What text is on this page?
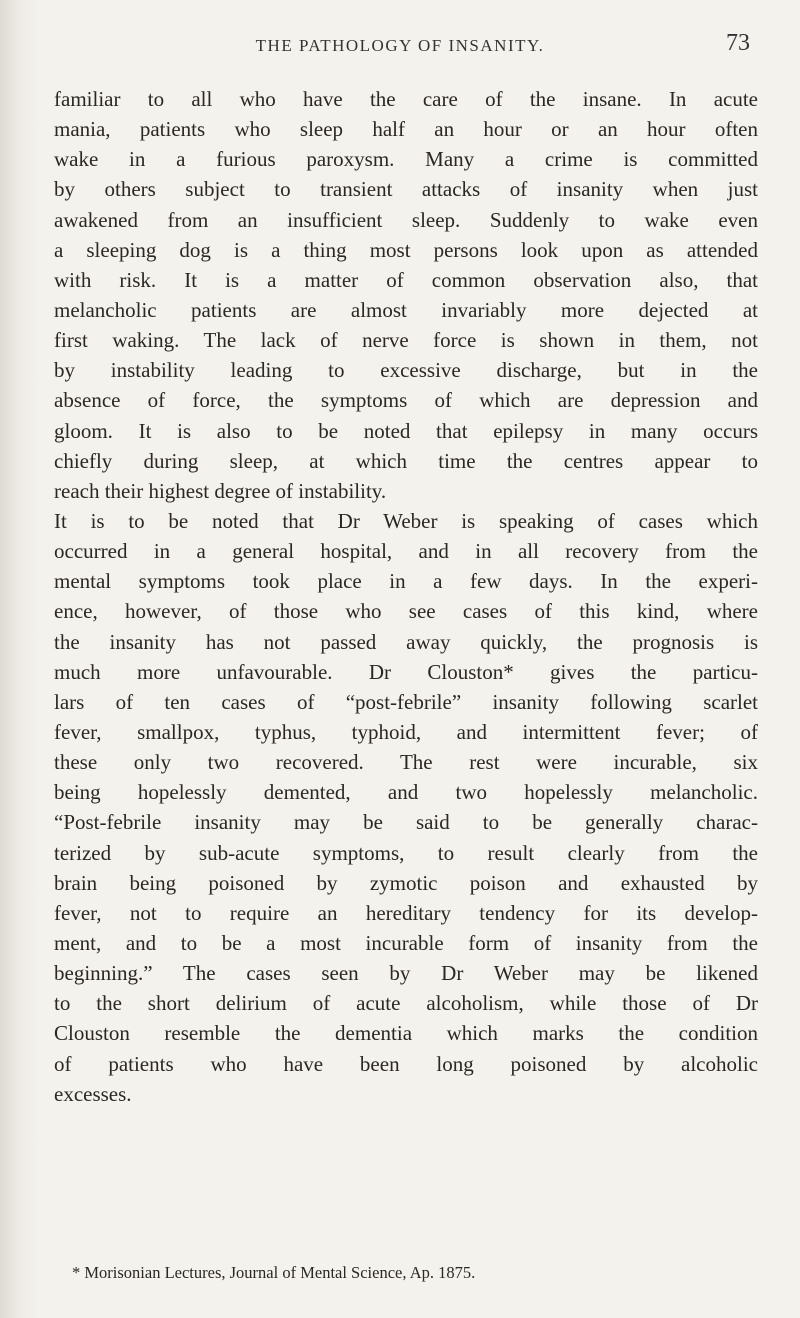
THE PATHOLOGY OF INSANITY.	73
familiar to all who have the care of the insane. In acute
mania, patients who sleep half an hour or an hour often
wake in a furious paroxysm. Many a crime is committed
by others subject to transient attacks of insanity when just
awakened from an insufficient sleep. Suddenly to wake even
a sleeping dog is a thing most persons look upon as attended
with risk. It is a matter of common observation also, that
melancholic patients are almost invariably more dejected at
first waking. The lack of nerve force is shown in them, not
by instability leading to excessive discharge, but in the
absence of force, the symptoms of which are depression and
gloom. It is also to be noted that epilepsy in many occurs
chiefly during sleep, at which time the centres appear to
reach their highest degree of instability.
It is to be noted that Dr Weber is speaking of cases which
occurred in a general hospital, and in all recovery from the
mental symptoms took place in a few days. In the experi-
ence, however, of those who see cases of this kind, where
the insanity has not passed away quickly, the prognosis is
much more unfavourable. Dr Clouston* gives the particu-
lars of ten cases of “post-febrile” insanity following scarlet
fever, smallpox, typhus, typhoid, and intermittent fever; of
these only two recovered. The rest were incurable, six
being hopelessly demented, and two hopelessly melancholic.
“Post-febrile insanity may be said to be generally charac-
terized by sub-acute symptoms, to result clearly from the
brain being poisoned by zymotic poison and exhausted by
fever, not to require an hereditary tendency for its develop-
ment, and to be a most incurable form of insanity from the
beginning.” The cases seen by Dr Weber may be likened
to the short delirium of acute alcoholism, while those of Dr
Clouston resemble the dementia which marks the condition
of patients who have been long poisoned by alcoholic
excesses.
* Morisonian Lectures, Journal of Mental Science, Ap. 1875.
